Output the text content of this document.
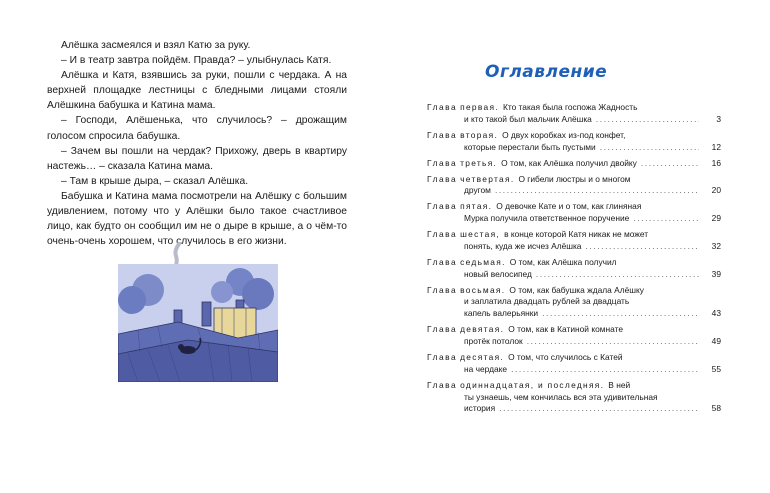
Алёшка засмеялся и взял Катю за руку.

– И в театр завтра пойдём. Правда? – улыбнулась Катя.

Алёшка и Катя, взявшись за руки, пошли с чердака. А на верхней площадке лестницы с бледными лицами стояли Алёшкина бабушка и Катина мама.

– Господи, Алёшенька, что случилось? – дрожащим голосом спросила бабушка.

– Зачем вы пошли на чердак? Прихожу, дверь в квартиру настежь… – сказала Катина мама.

– Там в крыше дыра, – сказал Алёшка.

Бабушка и Катина мама посмотрели на Алёшку с большим удивлением, потому что у Алёшки было такое счастливое лицо, как будто он сообщил им не о дыре в крыше, а о чём-то очень-очень хорошем, что случилось в его жизни.

Оглавление
Глава первая. Кто такая была госпожа Жадность
и кто такой был мальчик Алёшка .....	3
Глава вторая. О двух коробках из-под конфет,
которые перестали быть пустыми .....	12
Глава третья. О том, как Алёшка получил двойку .....	16
Глава четвертая. О гибели люстры и о многом
другом .....	20
Глава пятая. О девочке Кате и о том, как глиняная
Мурка получила ответственное поручение .....	29
Глава шестая, в конце которой Катя никак не может
понять, куда же исчез Алёшка .....	32
Глава седьмая. О том, как Алёшка получил
новый велосипед .....	39
Глава восьмая. О том, как бабушка ждала Алёшку
и заплатила двадцать рублей за двадцать
капель валерьянки .....	43
Глава девятая. О том, как в Катиной комнате
протёк потолок .....	49
Глава десятая. О том, что случилось с Катей
на чердаке .....	55
Глава одиннадцатая, и последняя. В ней
ты узнаешь, чем кончилась вся эта удивительная
история .....	58
